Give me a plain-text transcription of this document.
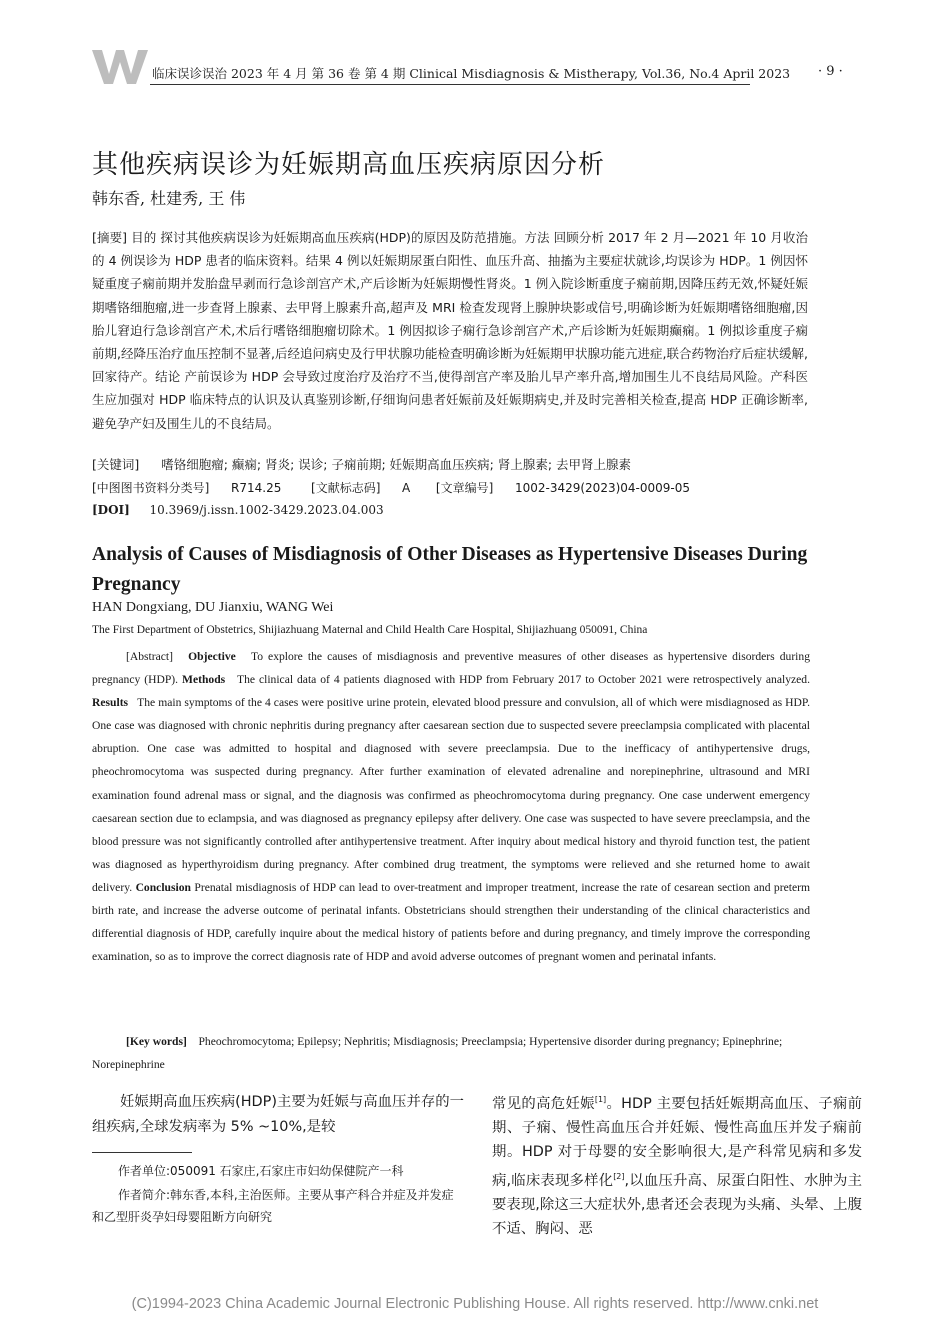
临床误诊误治 2023 年 4 月 第 36 卷 第 4 期 Clinical Misdiagnosis & Mistherapy, Vol.36, No.4 April 2023 · 9 ·
其他疾病误诊为妊娠期高血压疾病原因分析
韩东香, 杜建秀, 王 伟
[摘要] 目的 探讨其他疾病误诊为妊娠期高血压疾病(HDP)的原因及防范措施。方法 回顾分析 2017 年 2 月—2021 年 10 月收治的 4 例误诊为 HDP 患者的临床资料。结果 4 例以妊娠期尿蛋白阳性、血压升高、抽搐为主要症状就诊,均误诊为 HDP。1 例因怀疑重度子痫前期并发胎盘早剥而行急诊剖宫产术,产后诊断为妊娠期慢性肾炎。1 例入院诊断重度子痫前期,因降压药无效,怀疑妊娠期嗜铬细胞瘤,进一步查肾上腺素、去甲肾上腺素升高,超声及 MRI 检查发现肾上腺肿块影或信号,明确诊断为妊娠期嗜铬细胞瘤,因胎儿窘迫行急诊剖宫产术,术后行嗜铬细胞瘤切除术。1 例因拟诊子痫行急诊剖宫产术,产后诊断为妊娠期癫痫。1 例拟诊重度子痫前期,经降压治疗血压控制不显著,后经追问病史及行甲状腺功能检查明确诊断为妊娠期甲状腺功能亢进症,联合药物治疗后症状缓解,回家待产。结论 产前误诊为 HDP 会导致过度治疗及治疗不当,使得剖宫产率及胎儿早产率升高,增加围生儿不良结局风险。产科医生应加强对 HDP 临床特点的认识及认真鉴别诊断,仔细询问患者妊娠前及妊娠期病史,并及时完善相关检查,提高 HDP 正确诊断率,避免孕产妇及围生儿的不良结局。
[关键词] 嗜铬细胞瘤; 癫痫; 肾炎; 误诊; 子痫前期; 妊娠期高血压疾病; 肾上腺素; 去甲肾上腺素
[中图图书资料分类号] R714.25 [文献标志码] A [文章编号] 1002-3429(2023)04-0009-05
[DOI] 10.3969/j.issn.1002-3429.2023.04.003
Analysis of Causes of Misdiagnosis of Other Diseases as Hypertensive Diseases During Pregnancy
HAN Dongxiang, DU Jianxiu, WANG Wei
The First Department of Obstetrics, Shijiazhuang Maternal and Child Health Care Hospital, Shijiazhuang 050091, China
[Abstract] Objective To explore the causes of misdiagnosis and preventive measures of other diseases as hypertensive disorders during pregnancy (HDP). Methods The clinical data of 4 patients diagnosed with HDP from February 2017 to October 2021 were retrospectively analyzed. Results The main symptoms of the 4 cases were positive urine protein, elevated blood pressure and convulsion, all of which were misdiagnosed as HDP. One case was diagnosed with chronic nephritis during pregnancy after caesarean section due to suspected severe preeclampsia complicated with placental abruption. One case was admitted to hospital and diagnosed with severe preeclampsia. Due to the inefficacy of antihypertensive drugs, pheochromocytoma was suspected during pregnancy. After further examination of elevated adrenaline and norepinephrine, ultrasound and MRI examination found adrenal mass or signal, and the diagnosis was confirmed as pheochromocytoma during pregnancy. One case underwent emergency caesarean section due to eclampsia, and was diagnosed as pregnancy epilepsy after delivery. One case was suspected to have severe preeclampsia, and the blood pressure was not significantly controlled after antihypertensive treatment. After inquiry about medical history and thyroid function test, the patient was diagnosed as hyperthyroidism during pregnancy. After combined drug treatment, the symptoms were relieved and she returned home to await delivery. Conclusion Prenatal misdiagnosis of HDP can lead to over-treatment and improper treatment, increase the rate of cesarean section and preterm birth rate, and increase the adverse outcome of perinatal infants. Obstetricians should strengthen their understanding of the clinical characteristics and differential diagnosis of HDP, carefully inquire about the medical history of patients before and during pregnancy, and timely improve the corresponding examination, so as to improve the correct diagnosis rate of HDP and avoid adverse outcomes of pregnant women and perinatal infants.
[Key words] Pheochromocytoma; Epilepsy; Nephritis; Misdiagnosis; Preeclampsia; Hypertensive disorder during pregnancy; Epinephrine; Norepinephrine
妊娠期高血压疾病(HDP)主要为妊娠与高血压并存的一组疾病,全球发病率为 5% ~10%,是较
常见的高危妊娠[1]。HDP 主要包括妊娠期高血压、子痫前期、子痫、慢性高血压合并妊娠、慢性高血压并发子痫前期。HDP 对于母婴的安全影响很大,是产科常见病和多发病,临床表现多样化[2],以血压升高、尿蛋白阳性、水肿为主要表现,除这三大症状外,患者还会表现为头痛、头晕、上腹不适、胸闷、恶
作者单位:050091 石家庄,石家庄市妇幼保健院产一科
作者简介:韩东香,本科,主治医师。主要从事产科合并症及并发症和乙型肝炎孕妇母婴阻断方向研究
(C)1994-2023 China Academic Journal Electronic Publishing House. All rights reserved. http://www.cnki.net
